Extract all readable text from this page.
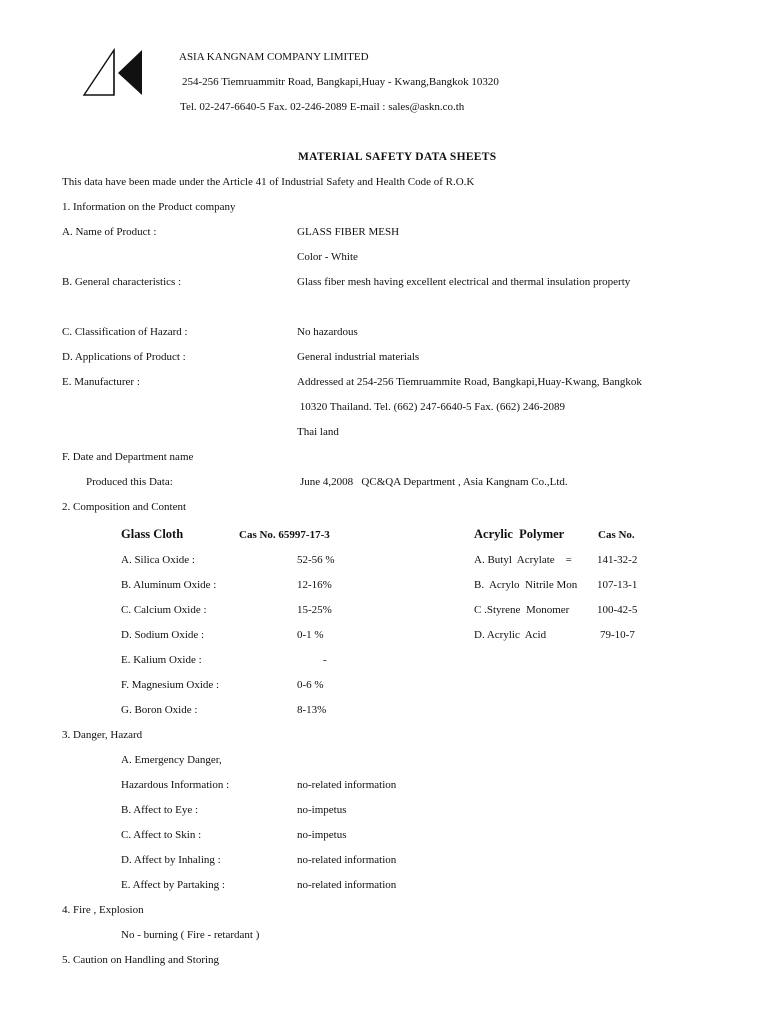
ASIA KANGNAM COMPANY LIMITED
254-256 Tiemruammitr Road, Bangkapi,Huay - Kwang,Bangkok 10320
Tel. 02-247-6640-5 Fax. 02-246-2089 E-mail : sales@askn.co.th
MATERIAL SAFETY DATA SHEETS
This data have been made under the Article 41 of Industrial Safety and Health Code of R.O.K
1. Information on the Product company
A. Name of Product :	GLASS FIBER MESH
Color - White
B. General characteristics :	Glass fiber mesh having excellent electrical and thermal insulation property
C. Classification of Hazard :	No hazardous
D. Applications of Product :	General industrial materials
E. Manufacturer :	Addressed at 254-256 Tiemruammite Road, Bangkapi,Huay-Kwang, Bangkok
10320 Thailand. Tel. (662) 247-6640-5 Fax. (662) 246-2089
Thai land
F. Date and Department name
Produced this Data:	June 4,2008   QC&QA Department , Asia Kangnam Co.,Ltd.
2. Composition and Content
Glass Cloth	Cas No. 65997-17-3	Acrylic  Polymer	Cas No.
A. Silica Oxide :	52-56 %
B. Aluminum Oxide :	12-16%
C. Calcium Oxide :	15-25%
D. Sodium Oxide :	0-1 %
E. Kalium Oxide :	-
F. Magnesium Oxide :	0-6 %
G. Boron Oxide :	8-13%
A. Butyl  Acrylate    = 141-32-2
B.  Acrylo  Nitrile Mon 107-13-1
C .Styrene  Monomer	100-42-5
D. Acrylic  Acid	79-10-7
3. Danger, Hazard
A. Emergency Danger,
Hazardous Information :	no-related information
B. Affect to Eye :	no-impetus
C. Affect to Skin :	no-impetus
D. Affect by Inhaling :	no-related information
E. Affect by Partaking :	no-related information
4. Fire , Explosion
No - burning ( Fire - retardant )
5. Caution on Handling and Storing
